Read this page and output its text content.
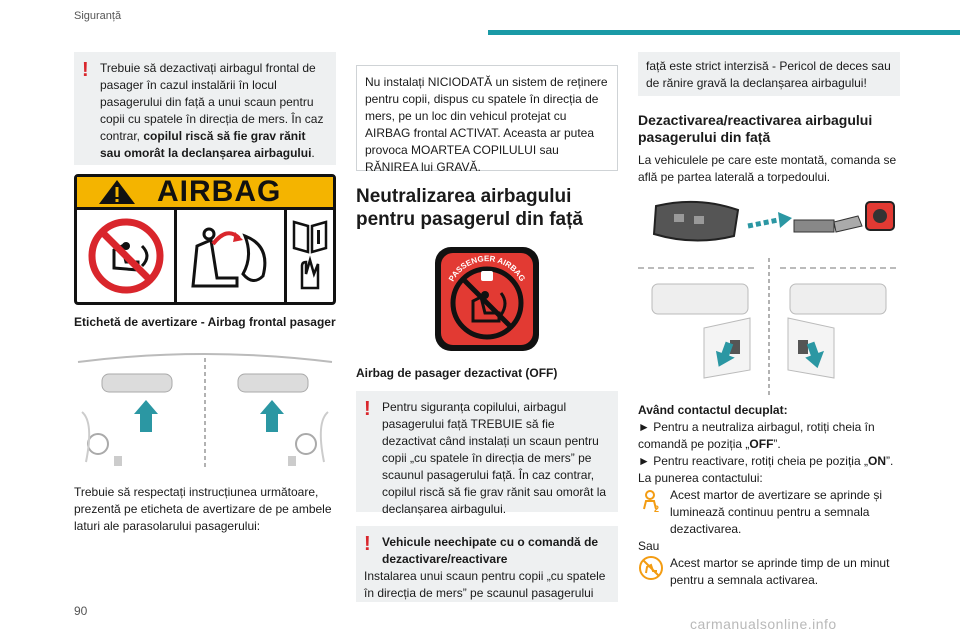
Siguranță
! Trebuie să dezactivați airbagul frontal de pasager în cazul instalării în locul pasagerului din față a unui scaun pentru copii cu spatele în direcția de mers. În caz contrar, copilul riscă să fie grav rănit sau omorât la declanșarea airbagului.
AIRBAG
Etichetă de avertizare - Airbag frontal pasager
Trebuie să respectați instrucțiunea următoare, prezentă pe eticheta de avertizare de pe ambele laturi ale parasolarului pasagerului:
Nu instalați NICIODATĂ un sistem de reținere pentru copii, dispus cu spatele în direcția de mers, pe un loc din vehicul protejat cu AIRBAG frontal ACTIVAT. Aceasta ar putea provoca MOARTEA COPILULUI sau RĂNIREA lui GRAVĂ.
Neutralizarea airbagului pentru pasagerul din față
PASSENGER AIRBAG
Airbag de pasager dezactivat (OFF)
! Pentru siguranța copilului, airbagul pasagerului față TREBUIE să fie dezactivat când instalați un scaun pentru copii „cu spatele în direcția de mers” pe scaunul pasagerului față. În caz contrar, copilul riscă să fie grav rănit sau omorât la declanșarea airbagului.
! Vehicule neechipate cu o comandă de dezactivare/reactivare
Instalarea unui scaun pentru copii „cu spatele în direcția de mers” pe scaunul pasagerului
față este strict interzisă - Pericol de deces sau de rănire gravă la declanșarea airbagului!
Dezactivarea/reactivarea airbagului pasagerului din față
La vehiculele pe care este montată, comanda se află pe partea laterală a torpedoului.
Având contactul decuplat:
► Pentru a neutraliza airbagul, rotiți cheia în comandă pe poziția „OFF”.
► Pentru reactivare, rotiți cheia pe poziția „ON”.
La punerea contactului:
2
Acest martor de avertizare se aprinde și luminează continuu pentru a semnala dezactivarea.
Sau
Acest martor se aprinde timp de un minut pentru a semnala activarea.
90
carmanualsonline.info
